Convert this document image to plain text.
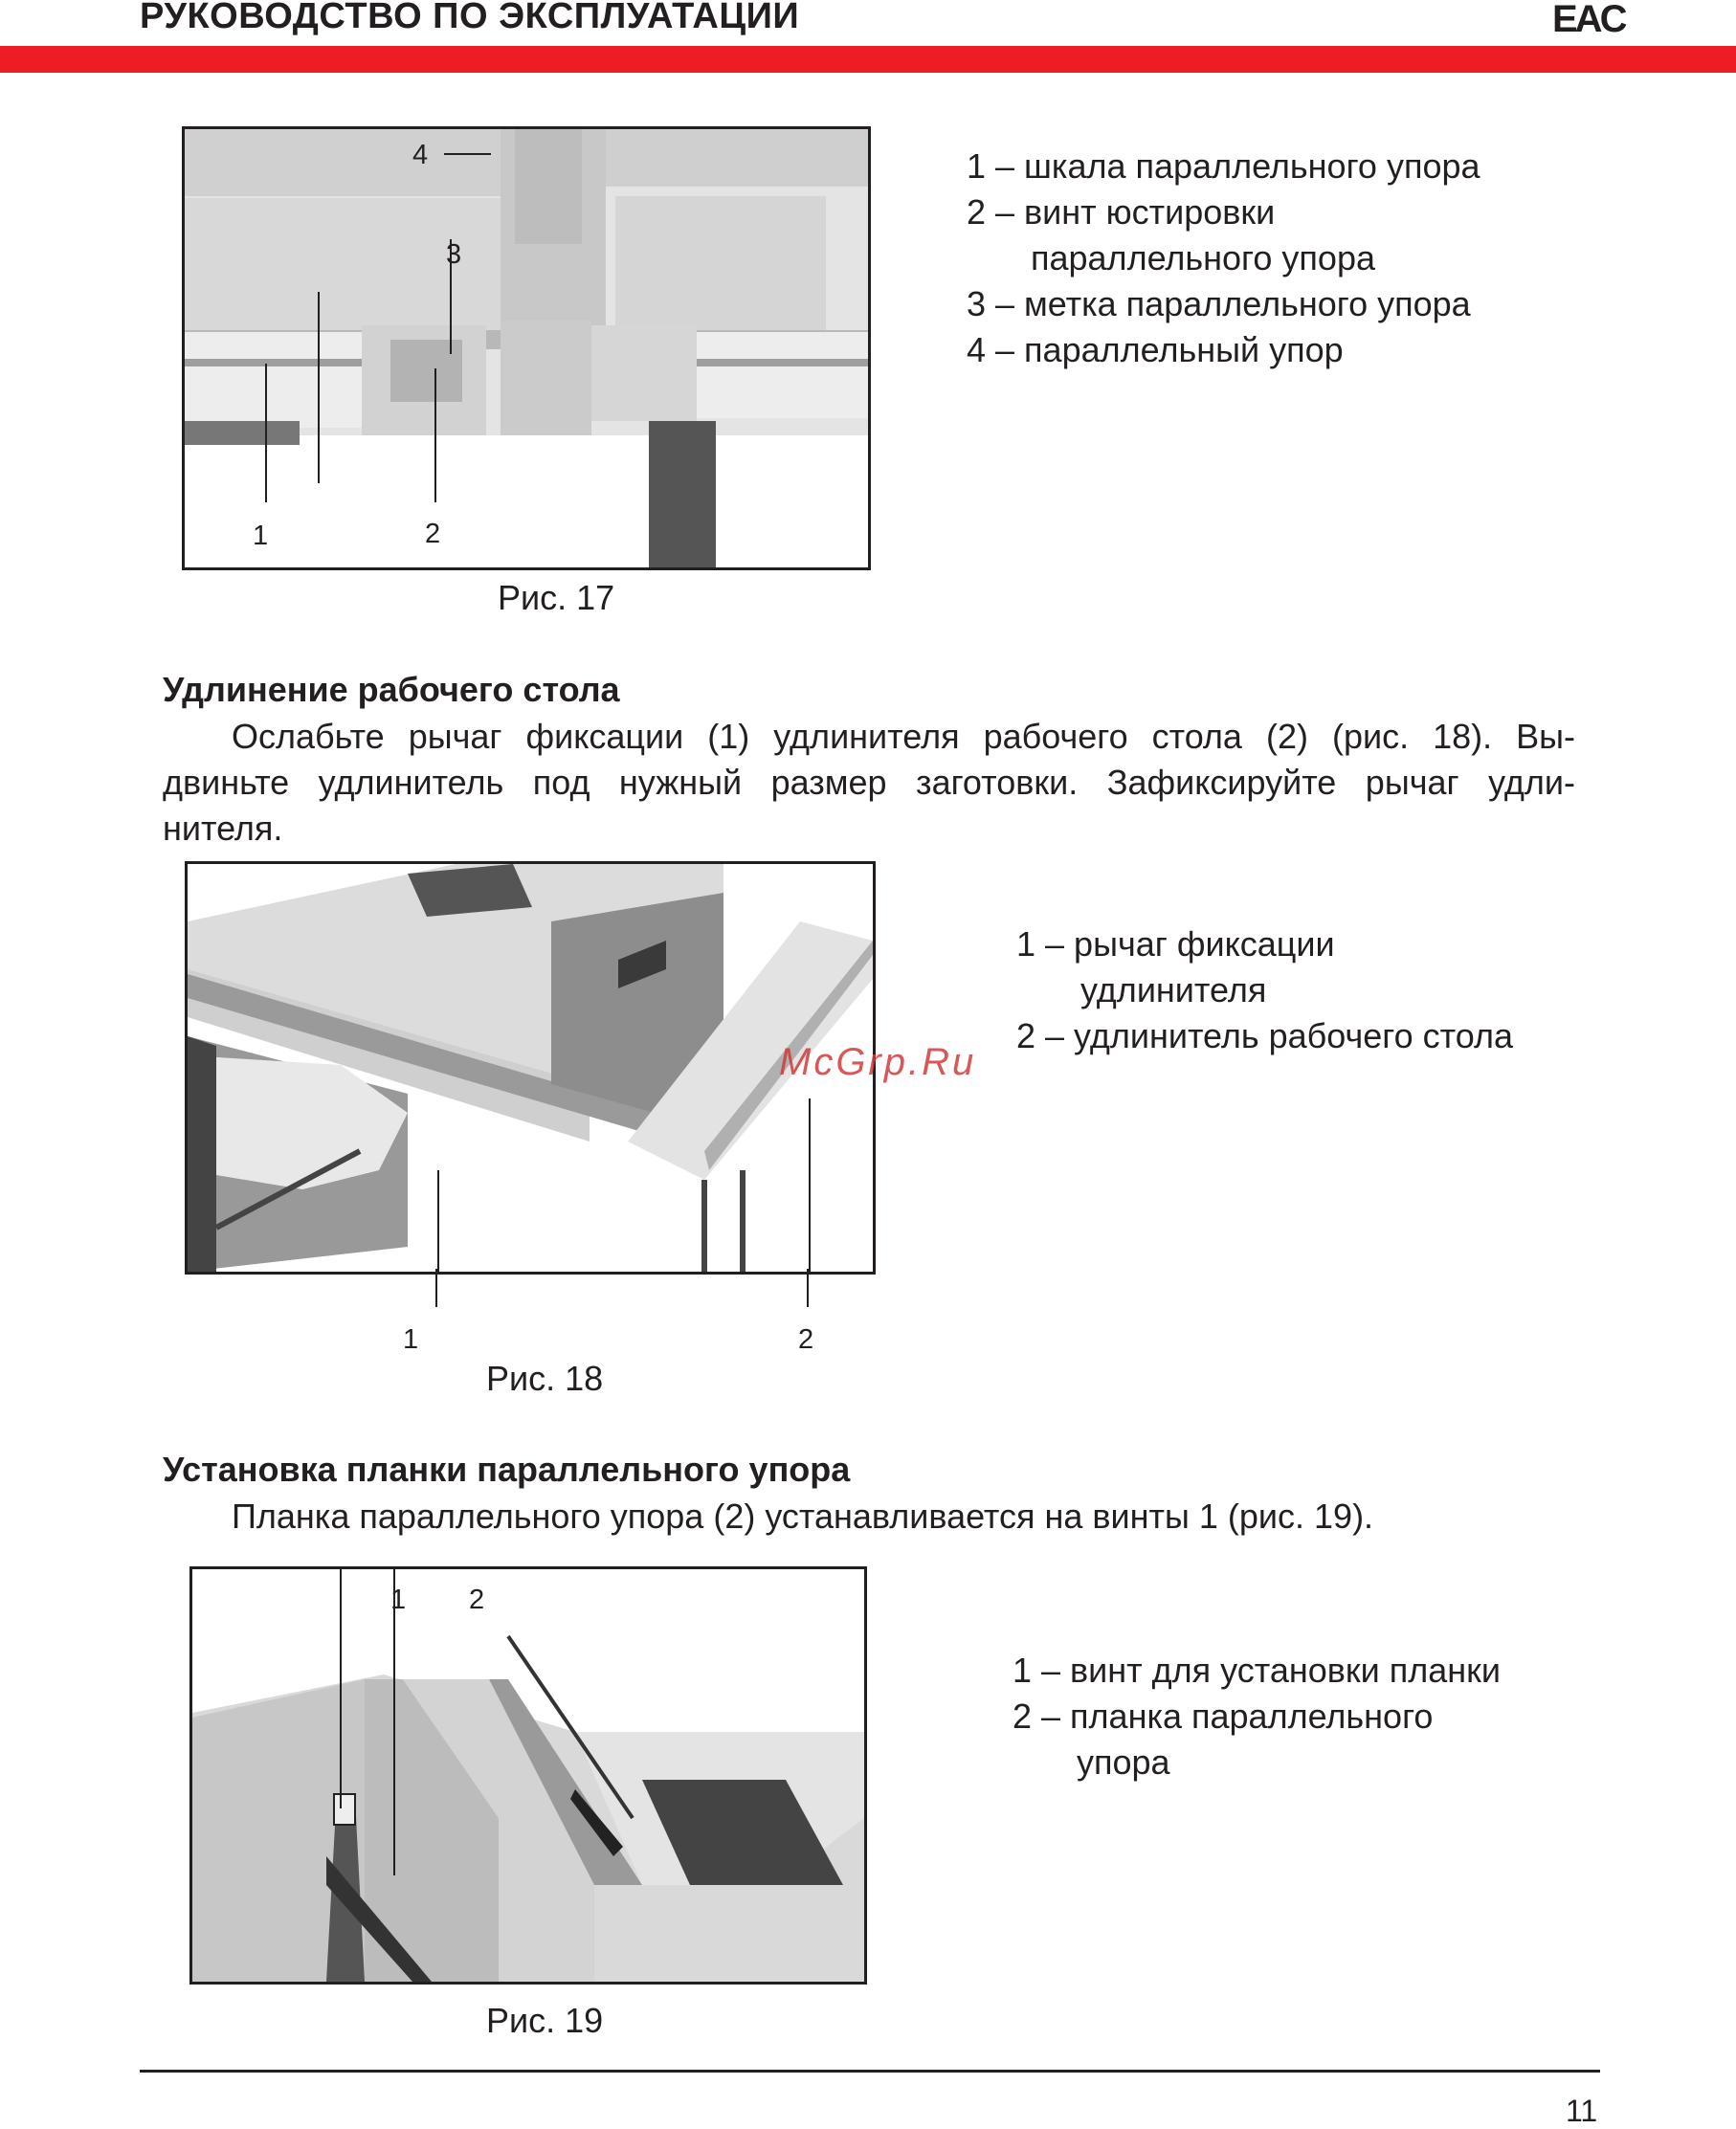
РУКОВОДСТВО ПО ЭКСПЛУАТАЦИИ	EAC
1	2
3
4	1 – шкала параллельного упора
2 – винт юстировки
параллельного упора
3 – метка параллельного упора
4 – параллельный упор
Рис. 17
Удлинение рабочего стола
Ослабьте рычаг фиксации (1) удлинителя рабочего стола (2) (рис. 18). Вы-
двиньте удлинитель под нужный размер заготовки. Зафиксируйте рычаг удли-
нителя.
1	2
1 – рычаг фиксации
удлинителя
2 – удлинитель рабочего стола
McGrp.Ru
Рис. 18
Установка планки параллельного упора
Планка параллельного упора (2) устанавливается на винты 1 (рис. 19).
1 2
1 – винт для установки планки
2 – планка параллельного
упора
Рис. 19
11
